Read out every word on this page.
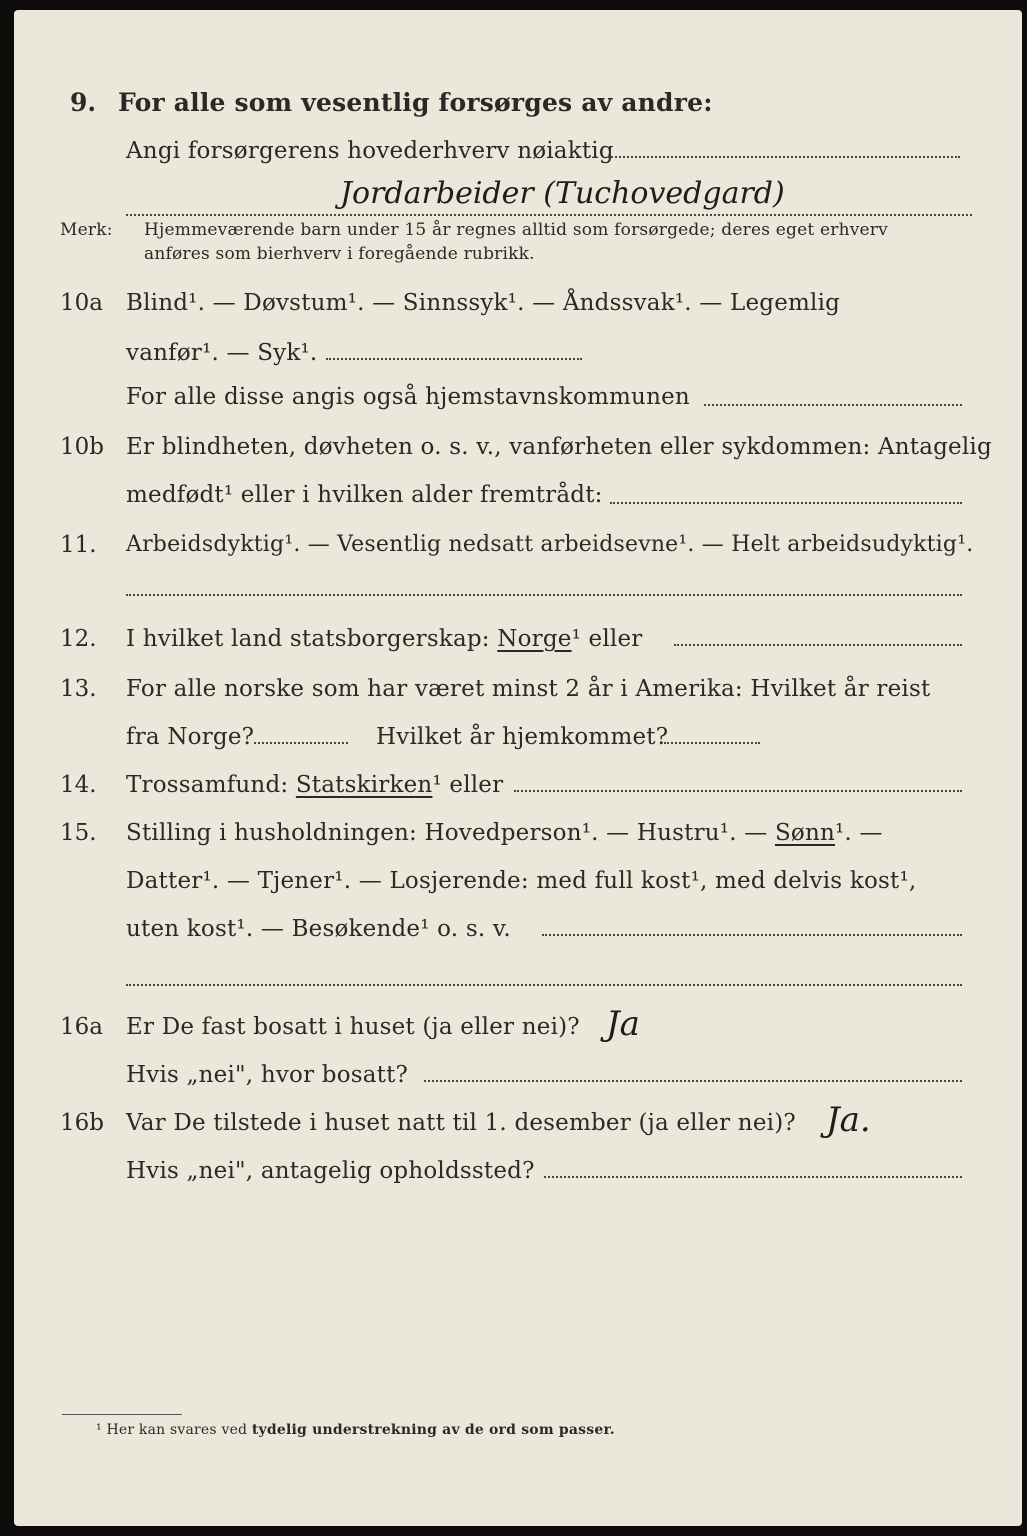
9. For alle som vesentlig forsørges av andre:
Angi forsørgerens hovederhverv nøiaktig
Jordarbeider (Tuchovedgard)
Merk: Hjemmeværende barn under 15 år regnes alltid som forsørgede; deres eget erhverv
anføres som bierhverv i foregående rubrikk.
10a Blind¹. — Døvstum¹. — Sinnssyk¹. — Åndssvak¹. — Legemlig
vanfør¹. — Syk¹.
For alle disse angis også hjemstavnskommunen
10b Er blindheten, døvheten o. s. v., vanførheten eller sykdommen: Antagelig
medfødt¹ eller i hvilken alder fremtrådt:
11. Arbeidsdyktig¹. — Vesentlig nedsatt arbeidsevne¹. — Helt arbeidsudyktig¹.
12. I hvilket land statsborgerskap: Norge¹ eller
13. For alle norske som har været minst 2 år i Amerika: Hvilket år reist
fra Norge?	Hvilket år hjemkommet?
14. Trossamfund: Statskirken¹ eller
15. Stilling i husholdningen: Hovedperson¹. — Hustru¹. — Sønn¹. —
Datter¹. — Tjener¹. — Losjerende: med full kost¹, med delvis kost¹,
uten kost¹. — Besøkende¹ o. s. v.
16a Er De fast bosatt i huset (ja eller nei)? Ja
Hvis „nei", hvor bosatt?
16b Var De tilstede i huset natt til 1. desember (ja eller nei)? Ja.
Hvis „nei", antagelig opholdssted?
¹ Her kan svares ved tydelig understrekning av de ord som passer.
